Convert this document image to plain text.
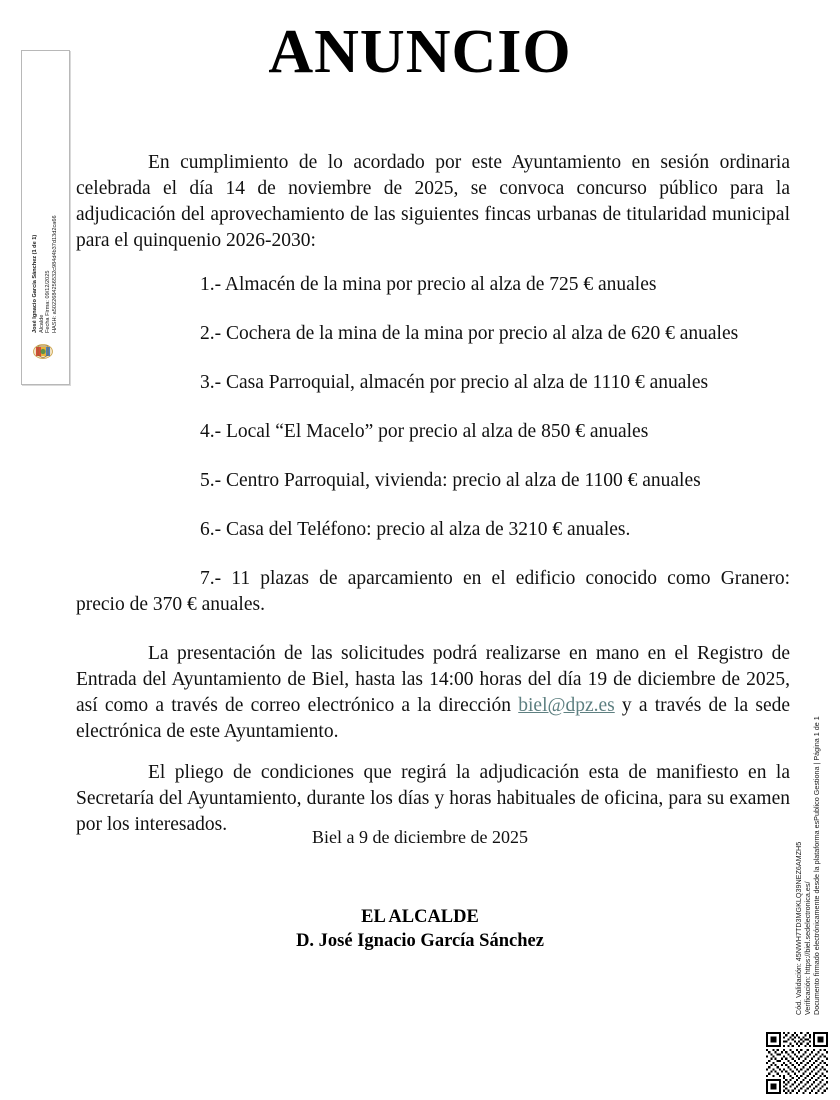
ANUNCIO
José Ignacio García Sánchez (1 de 1) Alcalde Fecha Firma: 09/12/2025 HASH: a5022684256532c984d4b37d13d2ca66

En cumplimiento de lo acordado por este Ayuntamiento en sesión ordinaria celebrada el día 14 de noviembre de 2025, se convoca concurso público para la adjudicación del aprovechamiento de las siguientes fincas urbanas de titularidad municipal para el quinquenio 2026-2030:

1.- Almacén de la mina por precio al alza de 725 € anuales
2.- Cochera de la mina de la mina por precio al alza de 620 € anuales
3.- Casa Parroquial, almacén por precio al alza de 1110 € anuales
4.- Local “El Macelo” por precio al alza de 850 € anuales
5.- Centro Parroquial, vivienda: precio al alza de 1100 € anuales
6.- Casa del Teléfono: precio al alza de 3210 € anuales.
7.- 11 plazas de aparcamiento en el edificio conocido como Granero: precio de 370 € anuales.

La presentación de las solicitudes podrá realizarse en mano en el Registro de Entrada del Ayuntamiento de Biel, hasta las 14:00 horas del día 19 de diciembre de 2025, así como a través de correo electrónico a la dirección biel@dpz.es y a través de la sede electrónica de este Ayuntamiento.

El pliego de condiciones que regirá la adjudicación esta de manifiesto en la Secretaría del Ayuntamiento, durante los días y horas habituales de oficina, para su examen por los interesados.

Biel a 9 de diciembre de 2025
EL ALCALDE
D. José Ignacio García Sánchez	Cód. Validación: 45NWH7TD3MGKLQ39NEZ6AMZH5 Verificación: https://biel.sedelectronica.es/ Documento firmado electrónicamente desde la plataforma esPublico Gestiona | Página 1 de 1
